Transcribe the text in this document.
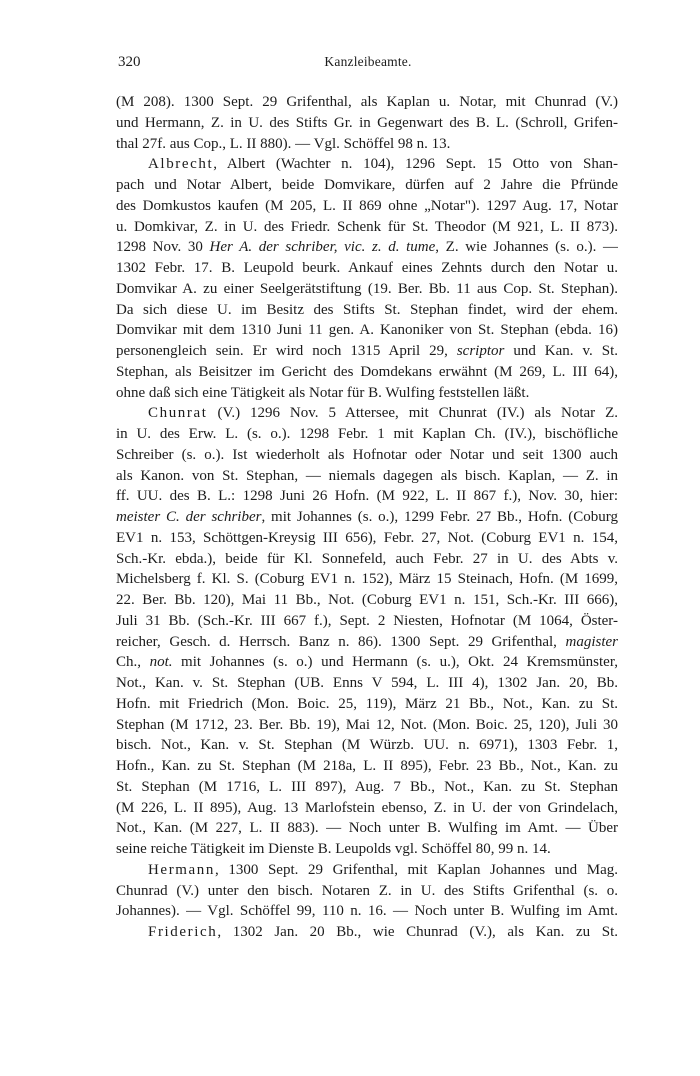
320	Kanzleibeamte.
(M 208). 1300 Sept. 29 Grifenthal, als Kaplan u. Notar, mit Chunrad (V.)
und Hermann, Z. in U. des Stifts Gr. in Gegenwart des B. L. (Schroll, Grifen-
thal 27f. aus Cop., L. II 880). — Vgl. Schöffel 98 n. 13.
Albrecht, Albert (Wachter n. 104), 1296 Sept. 15 Otto von Shan-
pach und Notar Albert, beide Domvikare, dürfen auf 2 Jahre die Pfründe
des Domkustos kaufen (M 205, L. II 869 ohne „Notar"). 1297 Aug. 17, Notar
u. Domkivar, Z. in U. des Friedr. Schenk für St. Theodor (M 921, L. II 873).
1298 Nov. 30 Her A. der schriber, vic. z. d. tume, Z. wie Johannes (s. o.). —
1302 Febr. 17. B. Leupold beurk. Ankauf eines Zehnts durch den Notar u.
Domvikar A. zu einer Seelgerätstiftung (19. Ber. Bb. 11 aus Cop. St. Stephan).
Da sich diese U. im Besitz des Stifts St. Stephan findet, wird der ehem.
Domvikar mit dem 1310 Juni 11 gen. A. Kanoniker von St. Stephan (ebda. 16)
personengleich sein. Er wird noch 1315 April 29, scriptor und Kan. v. St.
Stephan, als Beisitzer im Gericht des Domdekans erwähnt (M 269, L. III 64),
ohne daß sich eine Tätigkeit als Notar für B. Wulfing feststellen läßt.
Chunrat (V.) 1296 Nov. 5 Attersee, mit Chunrat (IV.) als Notar Z.
in U. des Erw. L. (s. o.). 1298 Febr. 1 mit Kaplan Ch. (IV.), bischöfliche
Schreiber (s. o.). Ist wiederholt als Hofnotar oder Notar und seit 1300 auch
als Kanon. von St. Stephan, — niemals dagegen als bisch. Kaplan, — Z. in
ff. UU. des B. L.: 1298 Juni 26 Hofn. (M 922, L. II 867 f.), Nov. 30, hier:
meister C. der schriber, mit Johannes (s. o.), 1299 Febr. 27 Bb., Hofn. (Coburg
EV1 n. 153, Schöttgen-Kreysig III 656), Febr. 27, Not. (Coburg EV1 n. 154,
Sch.-Kr. ebda.), beide für Kl. Sonnefeld, auch Febr. 27 in U. des Abts v.
Michelsberg f. Kl. S. (Coburg EV1 n. 152), März 15 Steinach, Hofn. (M 1699,
22. Ber. Bb. 120), Mai 11 Bb., Not. (Coburg EV1 n. 151, Sch.-Kr. III 666),
Juli 31 Bb. (Sch.-Kr. III 667 f.), Sept. 2 Niesten, Hofnotar (M 1064, Öster-
reicher, Gesch. d. Herrsch. Banz n. 86). 1300 Sept. 29 Grifenthal, magister
Ch., not. mit Johannes (s. o.) und Hermann (s. u.), Okt. 24 Kremsmünster,
Not., Kan. v. St. Stephan (UB. Enns V 594, L. III 4), 1302 Jan. 20, Bb.
Hofn. mit Friedrich (Mon. Boic. 25, 119), März 21 Bb., Not., Kan. zu St.
Stephan (M 1712, 23. Ber. Bb. 19), Mai 12, Not. (Mon. Boic. 25, 120), Juli 30
bisch. Not., Kan. v. St. Stephan (M Würzb. UU. n. 6971), 1303 Febr. 1,
Hofn., Kan. zu St. Stephan (M 218a, L. II 895), Febr. 23 Bb., Not., Kan. zu
St. Stephan (M 1716, L. III 897), Aug. 7 Bb., Not., Kan. zu St. Stephan
(M 226, L. II 895), Aug. 13 Marlofstein ebenso, Z. in U. der von Grindelach,
Not., Kan. (M 227, L. II 883). — Noch unter B. Wulfing im Amt. — Über
seine reiche Tätigkeit im Dienste B. Leupolds vgl. Schöffel 80, 99 n. 14.
Hermann, 1300 Sept. 29 Grifenthal, mit Kaplan Johannes und Mag.
Chunrad (V.) unter den bisch. Notaren Z. in U. des Stifts Grifenthal (s. o.
Johannes). — Vgl. Schöffel 99, 110 n. 16. — Noch unter B. Wulfing im Amt.
Friderich, 1302 Jan. 20 Bb., wie Chunrad (V.), als Kan. zu St.
